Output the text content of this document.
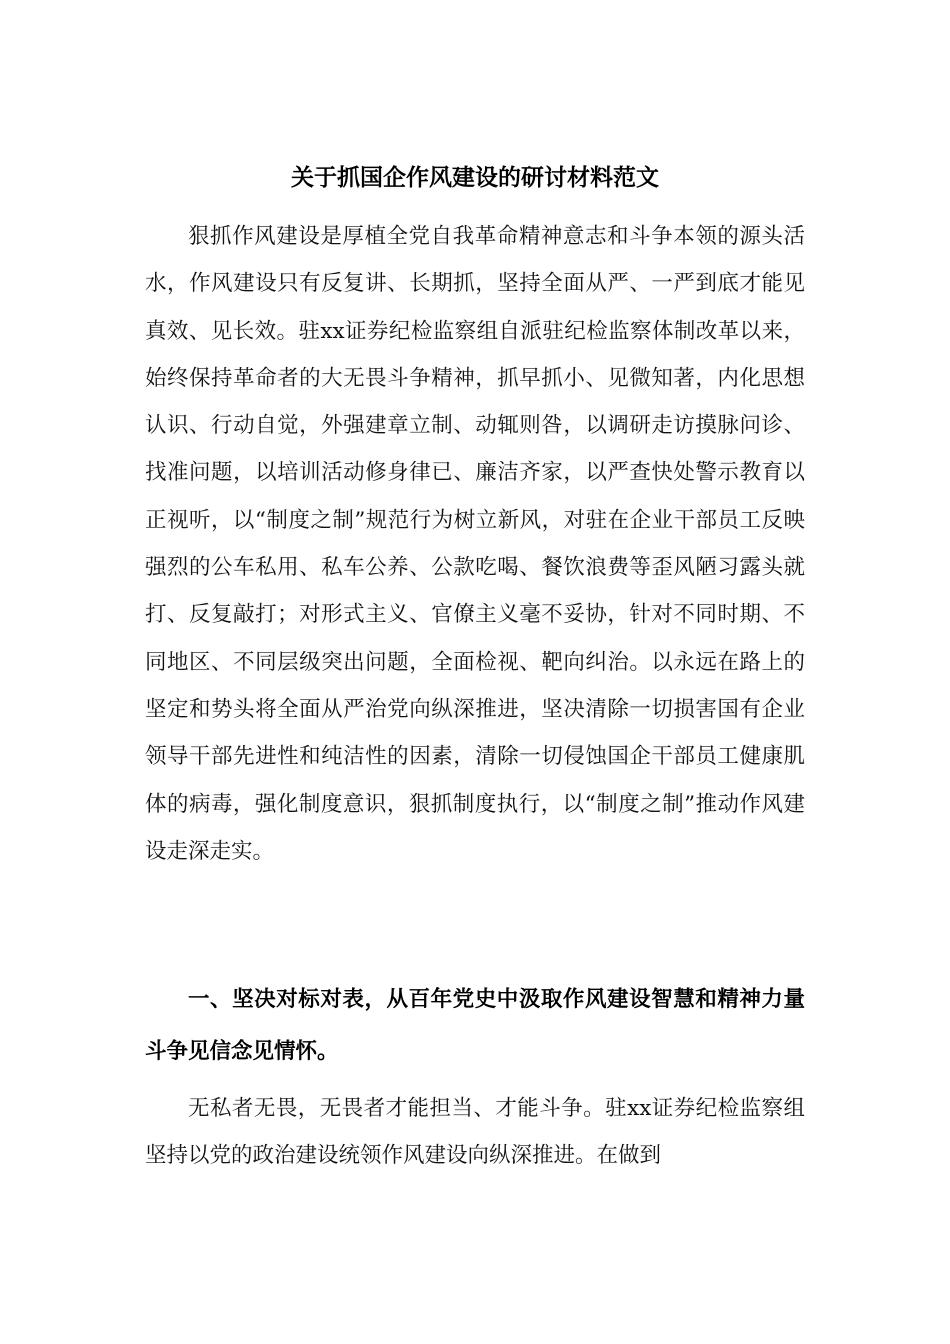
关于抓国企作风建设的研讨材料范文

狠抓作风建设是厚植全党自我革命精神意志和斗争本领的源头活水，作风建设只有反复讲、长期抓，坚持全面从严、一严到底才能见真效、见长效。驻xx证券纪检监察组自派驻纪检监察体制改革以来，始终保持革命者的大无畏斗争精神，抓早抓小、见微知著，内化思想认识、行动自觉，外强建章立制、动辄则咎，以调研走访摸脉问诊、找准问题，以培训活动修身律已、廉洁齐家，以严查快处警示教育以正视听，以“制度之制”规范行为树立新风，对驻在企业干部员工反映强烈的公车私用、私车公养、公款吃喝、餐饮浪费等歪风陋习露头就打、反复敲打；对形式主义、官僚主义毫不妥协，针对不同时期、不同地区、不同层级突出问题，全面检视、靶向纠治。以永远在路上的坚定和势头将全面从严治党向纵深推进，坚决清除一切损害国有企业领导干部先进性和纯洁性的因素，清除一切侵蚀国企干部员工健康肌体的病毒，强化制度意识，狠抓制度执行，以“制度之制”推动作风建设走深走实。

一、坚决对标对表，从百年党史中汲取作风建设智慧和精神力量斗争见信念见情怀。

无私者无畏，无畏者才能担当、才能斗争。驻xx证券纪检监察组坚持以党的政治建设统领作风建设向纵深推进。在做到
